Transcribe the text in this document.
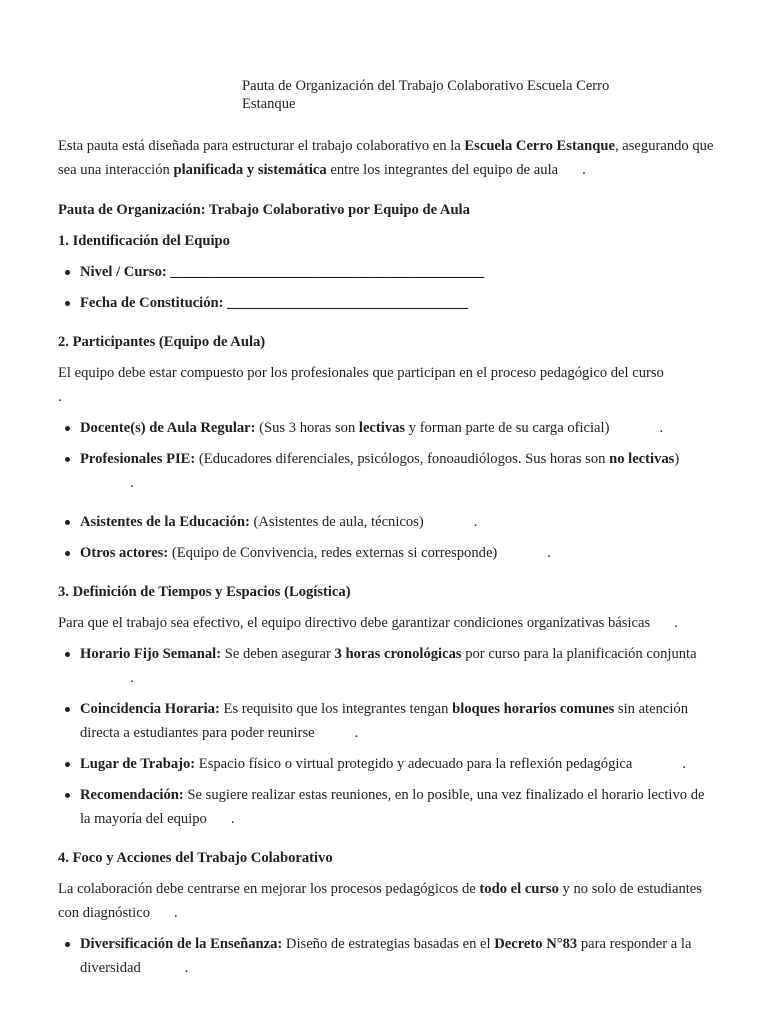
Pauta de Organización del Trabajo Colaborativo Escuela Cerro
Estanque

Esta pauta está diseñada para estructurar el trabajo colaborativo en la Escuela Cerro Estanque, asegurando que sea una interacción planificada y sistemática entre los integrantes del equipo de aula .

Pauta de Organización: Trabajo Colaborativo por Equipo de Aula
1. Identificación del Equipo
Nivel / Curso: ___________________________________________
Fecha de Constitución: _________________________________
2. Participantes (Equipo de Aula)

El equipo debe estar compuesto por los profesionales que participan en el proceso pedagógico del curso
.

Docente(s) de Aula Regular: (Sus 3 horas son lectivas y forman parte de su carga oficial)	.
Profesionales PIE: (Educadores diferenciales, psicólogos, fonoaudiólogos. Sus horas son no lectivas)
.
Asistentes de la Educación: (Asistentes de aula, técnicos)	.
Otros actores: (Equipo de Convivencia, redes externas si corresponde)	.
3. Definición de Tiempos y Espacios (Logística)

Para que el trabajo sea efectivo, el equipo directivo debe garantizar condiciones organizativas básicas .

Horario Fijo Semanal: Se deben asegurar 3 horas cronológicas por curso para la planificación conjunta.
Coincidencia Horaria: Es requisito que los integrantes tengan bloques horarios comunes sin atención directa a estudiantes para poder reunirse	.
Lugar de Trabajo: Espacio físico o virtual protegido y adecuado para la reflexión pedagógica	.
Recomendación: Se sugiere realizar estas reuniones, en lo posible, una vez finalizado el horario lectivo de la mayoría del equipo .
4. Foco y Acciones del Trabajo Colaborativo

La colaboración debe centrarse en mejorar los procesos pedagógicos de todo el curso y no solo de estudiantes con diagnóstico .

Diversificación de la Enseñanza: Diseño de estrategias basadas en el Decreto N°83 para responder a la diversidad	.
